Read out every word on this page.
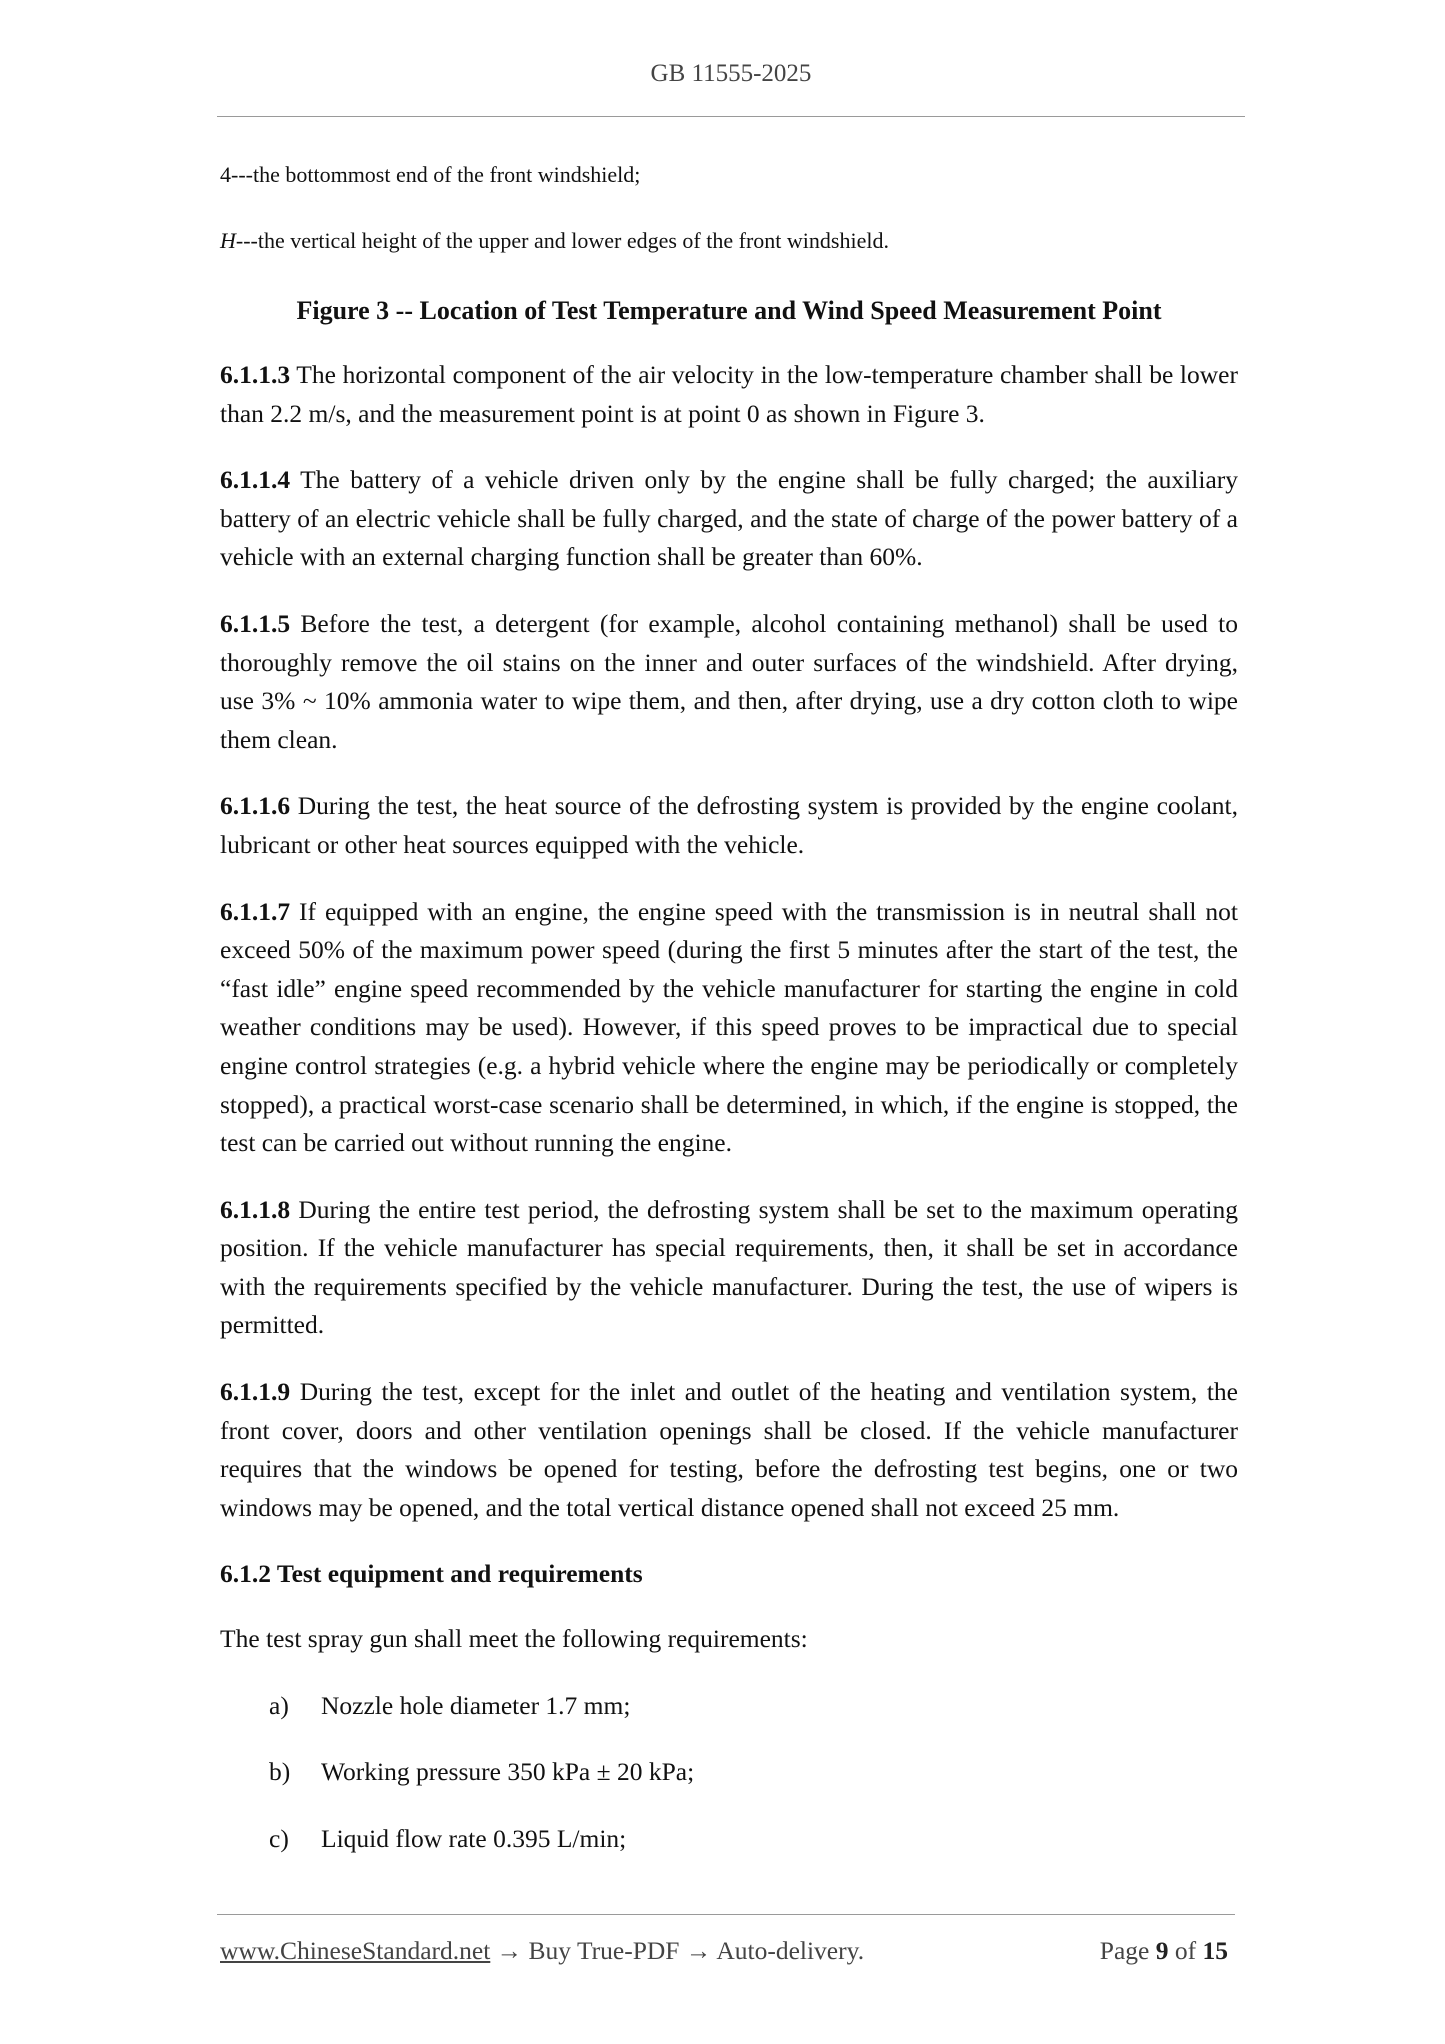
GB 11555-2025

4---the bottommost end of the front windshield;

H---the vertical height of the upper and lower edges of the front windshield.

Figure 3 -- Location of Test Temperature and Wind Speed Measurement Point

6.1.1.3 The horizontal component of the air velocity in the low-temperature chamber shall be lower than 2.2 m/s, and the measurement point is at point 0 as shown in Figure 3.

6.1.1.4 The battery of a vehicle driven only by the engine shall be fully charged; the auxiliary battery of an electric vehicle shall be fully charged, and the state of charge of the power battery of a vehicle with an external charging function shall be greater than 60%.

6.1.1.5 Before the test, a detergent (for example, alcohol containing methanol) shall be used to thoroughly remove the oil stains on the inner and outer surfaces of the windshield. After drying, use 3% ~ 10% ammonia water to wipe them, and then, after drying, use a dry cotton cloth to wipe them clean.

6.1.1.6 During the test, the heat source of the defrosting system is provided by the engine coolant, lubricant or other heat sources equipped with the vehicle.

6.1.1.7 If equipped with an engine, the engine speed with the transmission is in neutral shall not exceed 50% of the maximum power speed (during the first 5 minutes after the start of the test, the “fast idle” engine speed recommended by the vehicle manufacturer for starting the engine in cold weather conditions may be used). However, if this speed proves to be impractical due to special engine control strategies (e.g. a hybrid vehicle where the engine may be periodically or completely stopped), a practical worst-case scenario shall be determined, in which, if the engine is stopped, the test can be carried out without running the engine.

6.1.1.8 During the entire test period, the defrosting system shall be set to the maximum operating position. If the vehicle manufacturer has special requirements, then, it shall be set in accordance with the requirements specified by the vehicle manufacturer. During the test, the use of wipers is permitted.

6.1.1.9 During the test, except for the inlet and outlet of the heating and ventilation system, the front cover, doors and other ventilation openings shall be closed. If the vehicle manufacturer requires that the windows be opened for testing, before the defrosting test begins, one or two windows may be opened, and the total vertical distance opened shall not exceed 25 mm.

6.1.2 Test equipment and requirements

The test spray gun shall meet the following requirements:

a)	Nozzle hole diameter 1.7 mm;
b)	Working pressure 350 kPa ± 20 kPa;
c)	Liquid flow rate 0.395 L/min;
www.ChineseStandard.net → Buy True-PDF → Auto-delivery.	Page 9 of 15
